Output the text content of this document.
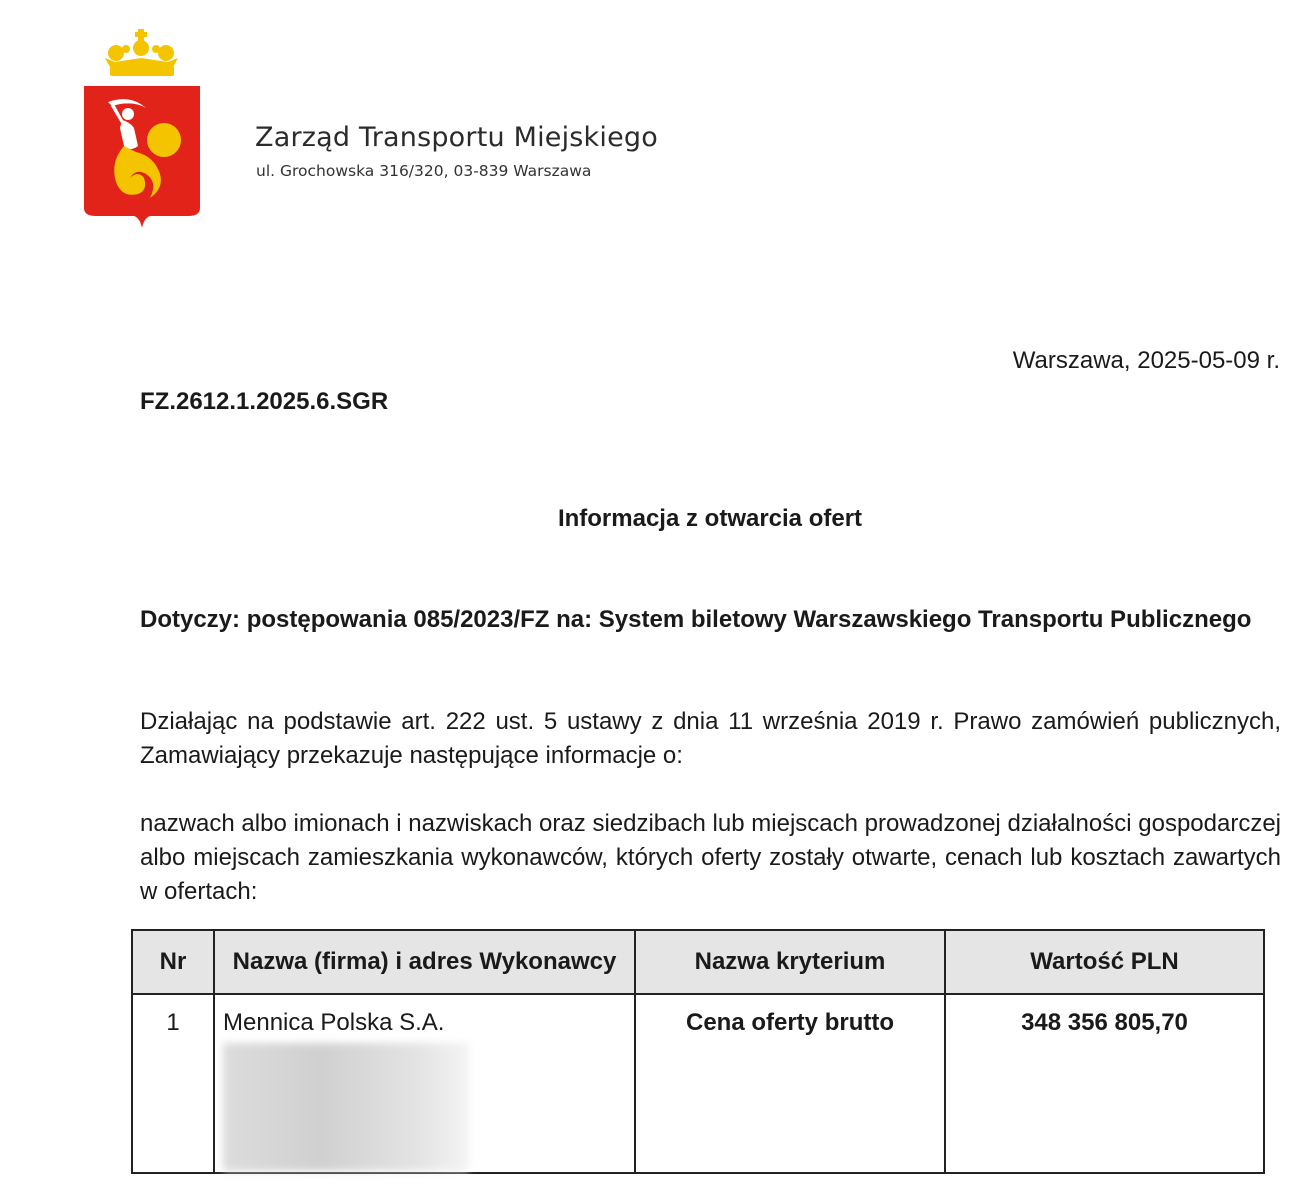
Zarząd Transportu Miejskiego
ul. Grochowska 316/320, 03-839 Warszawa
Warszawa, 2025-05-09 r.
FZ.2612.1.2025.6.SGR
Informacja z otwarcia ofert
Dotyczy: postępowania 085/2023/FZ na: System biletowy Warszawskiego Transportu Publicznego
Działając na podstawie art. 222 ust. 5 ustawy z dnia 11 września 2019 r. Prawo zamówień publicznych, Zamawiający przekazuje następujące informacje o:
nazwach albo imionach i nazwiskach oraz siedzibach lub miejscach prowadzonej działalności gospodarczej albo miejscach zamieszkania wykonawców, których oferty zostały otwarte, cenach lub kosztach zawartych w ofertach:
Nr	Nazwa (firma) i adres Wykonawcy	Nazwa kryterium	Wartość PLN
1	Mennica Polska S.A.	Cena oferty brutto	348 356 805,70
